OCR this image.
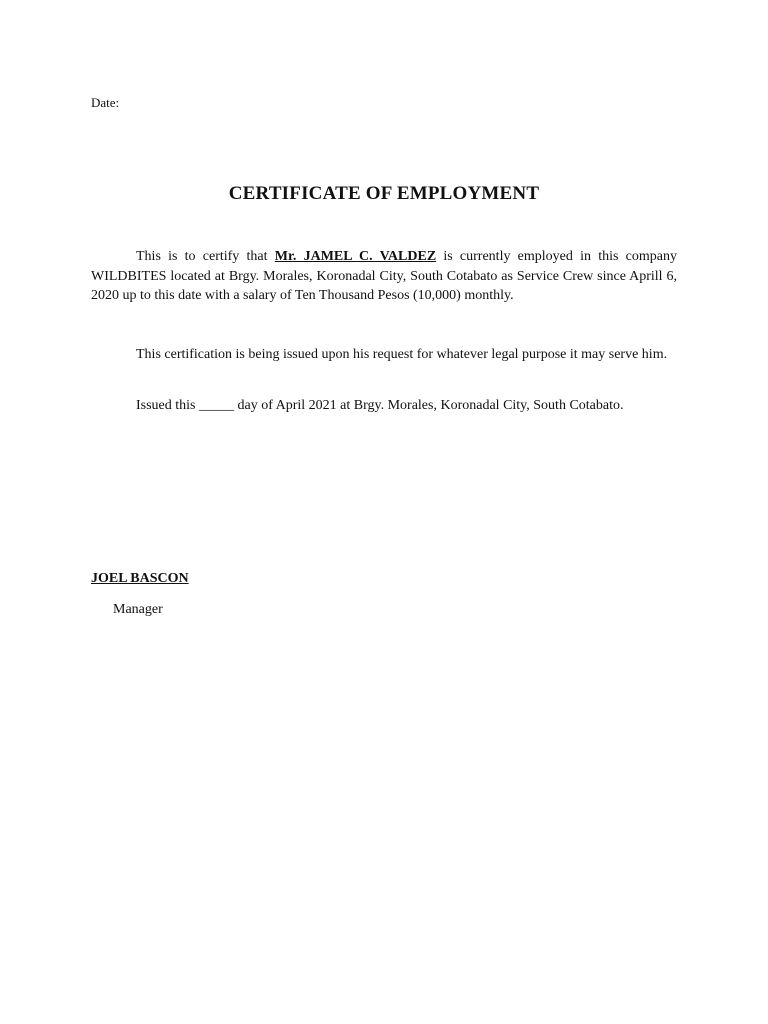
Date:
CERTIFICATE OF EMPLOYMENT
This is to certify that Mr. JAMEL C. VALDEZ is currently employed in this company WILDBITES located at Brgy. Morales, Koronadal City, South Cotabato as Service Crew since Aprill 6, 2020 up to this date with a salary of Ten Thousand Pesos (10,000) monthly.
This certification is being issued upon his request for whatever legal purpose it may serve him.
Issued this _____ day of April 2021 at Brgy. Morales, Koronadal City, South Cotabato.
JOEL BASCON
Manager
